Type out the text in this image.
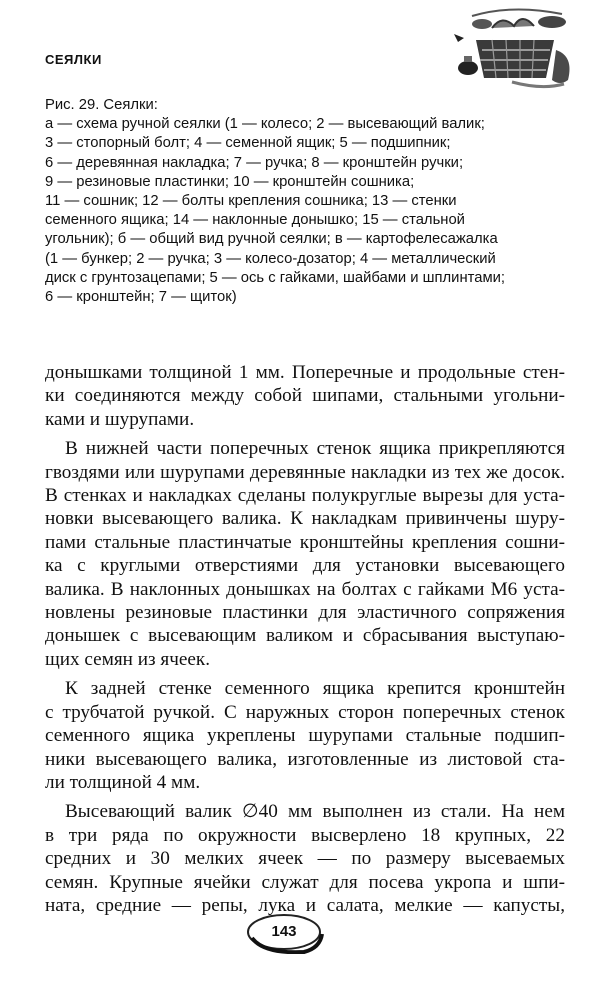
СЕЯЛКИ
Рис. 29. Сеялки:
а — схема ручной сеялки (1 — колесо; 2 — высевающий валик;
3 — стопорный болт; 4 — семенной ящик; 5 — подшипник;
6 — деревянная накладка; 7 — ручка; 8 — кронштейн ручки;
9 — резиновые пластинки; 10 — кронштейн сошника;
11 — сошник; 12 — болты крепления сошника; 13 — стенки
семенного ящика; 14 — наклонные донышко; 15 — стальной
угольник); б — общий вид ручной сеялки; в — картофелесажалка
(1 — бункер; 2 — ручка; 3 — колесо-дозатор; 4 — металлический
диск с грунтозацепами; 5 — ось с гайками, шайбами и шплинтами;
6 — кронштейн; 7 — щиток)
донышками толщиной 1 мм. Поперечные и продольные стен-
ки соединяются между собой шипами, стальными угольни-
ками и шурупами.
В нижней части поперечных стенок ящика прикрепляются
гвоздями или шурупами деревянные накладки из тех же досок.
В стенках и накладках сделаны полукруглые вырезы для уста-
новки высевающего валика. К накладкам привинчены шуру-
пами стальные пластинчатые кронштейны крепления сошни-
ка с круглыми отверстиями для установки высевающего
валика. В наклонных донышках на болтах с гайками М6 уста-
новлены резиновые пластинки для эластичного сопряжения
донышек с высевающим валиком и сбрасывания выступаю-
щих семян из ячеек.
К задней стенке семенного ящика крепится кронштейн
с трубчатой ручкой. С наружных сторон поперечных стенок
семенного ящика укреплены шурупами стальные подшип-
ники высевающего валика, изготовленные из листовой ста-
ли толщиной 4 мм.
Высевающий валик ∅40 мм выполнен из стали. На нем
в три ряда по окружности высверлено 18 крупных, 22
средних и 30 мелких ячеек — по размеру высеваемых
семян. Крупные ячейки служат для посева укропа и шпи-
ната, средние — репы, лука и салата, мелкие — капусты,
143
